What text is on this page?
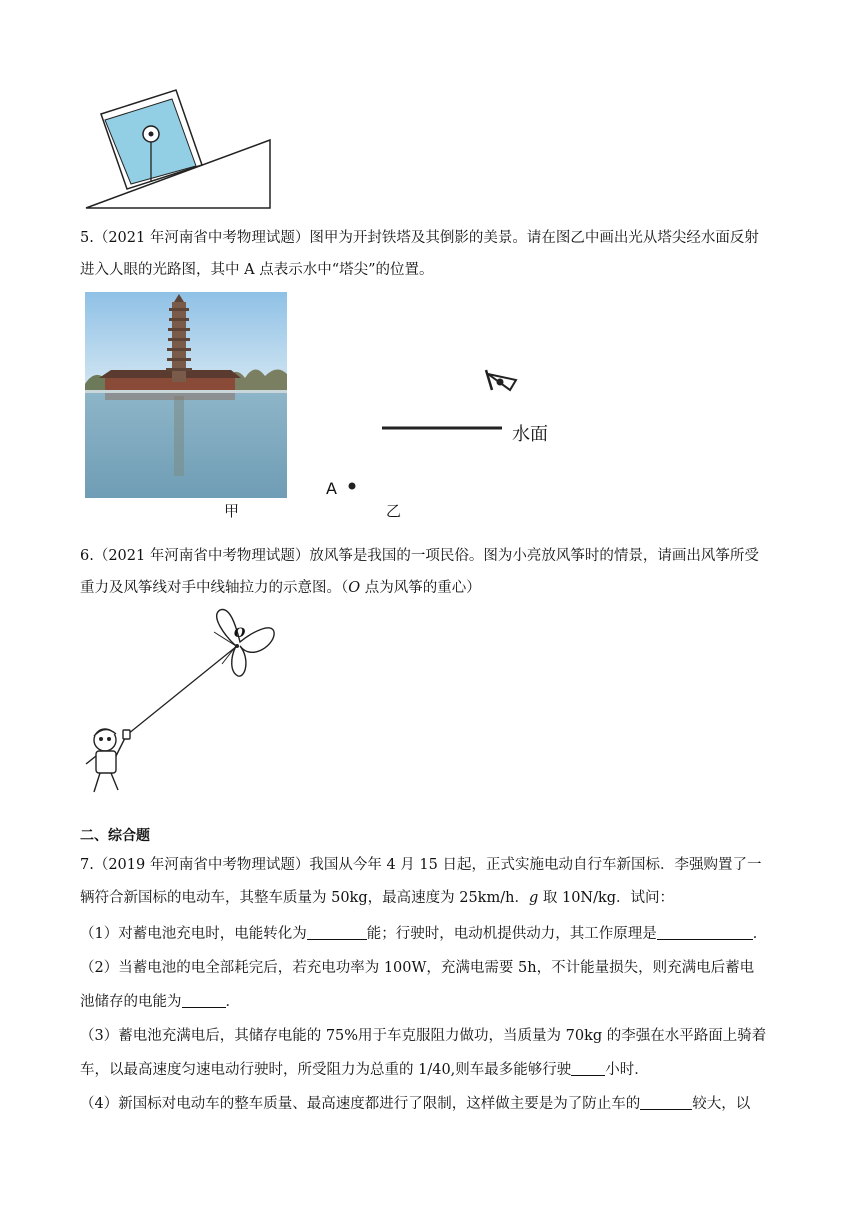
5.（2021 年河南省中考物理试题）图甲为开封铁塔及其倒影的美景。请在图乙中画出光从塔尖经水面反射
进入人眼的光路图，其中 A 点表示水中“塔尖”的位置。
甲
水面
A
乙
6.（2021 年河南省中考物理试题）放风筝是我国的一项民俗。图为小亮放风筝时的情景，请画出风筝所受
重力及风筝线对手中线轴拉力的示意图。（O 点为风筝的重心）
O
二、综合题
7.（2019 年河南省中考物理试题）我国从今年 4 月 15 日起，正式实施电动自行车新国标．李强购置了一
辆符合新国标的电动车，其整车质量为 50kg，最高速度为 25km/h．g 取 10N/kg．试问：
（1）对蓄电池充电时，电能转化为	能；行驶时，电动机提供动力，其工作原理是	．
（2）当蓄电池的电全部耗完后，若充电功率为 100W，充满电需要 5h，不计能量损失，则充满电后蓄电
池储存的电能为	．
（3）蓄电池充满电后，其储存电能的 75%用于车克服阻力做功，当质量为 70kg 的李强在水平路面上骑着
车，以最高速度匀速电动行驶时，所受阻力为总重的 1/40,则车最多能够行驶 小时．
（4）新国标对电动车的整车质量、最高速度都进行了限制，这样做主要是为了防止车的	较大，以
